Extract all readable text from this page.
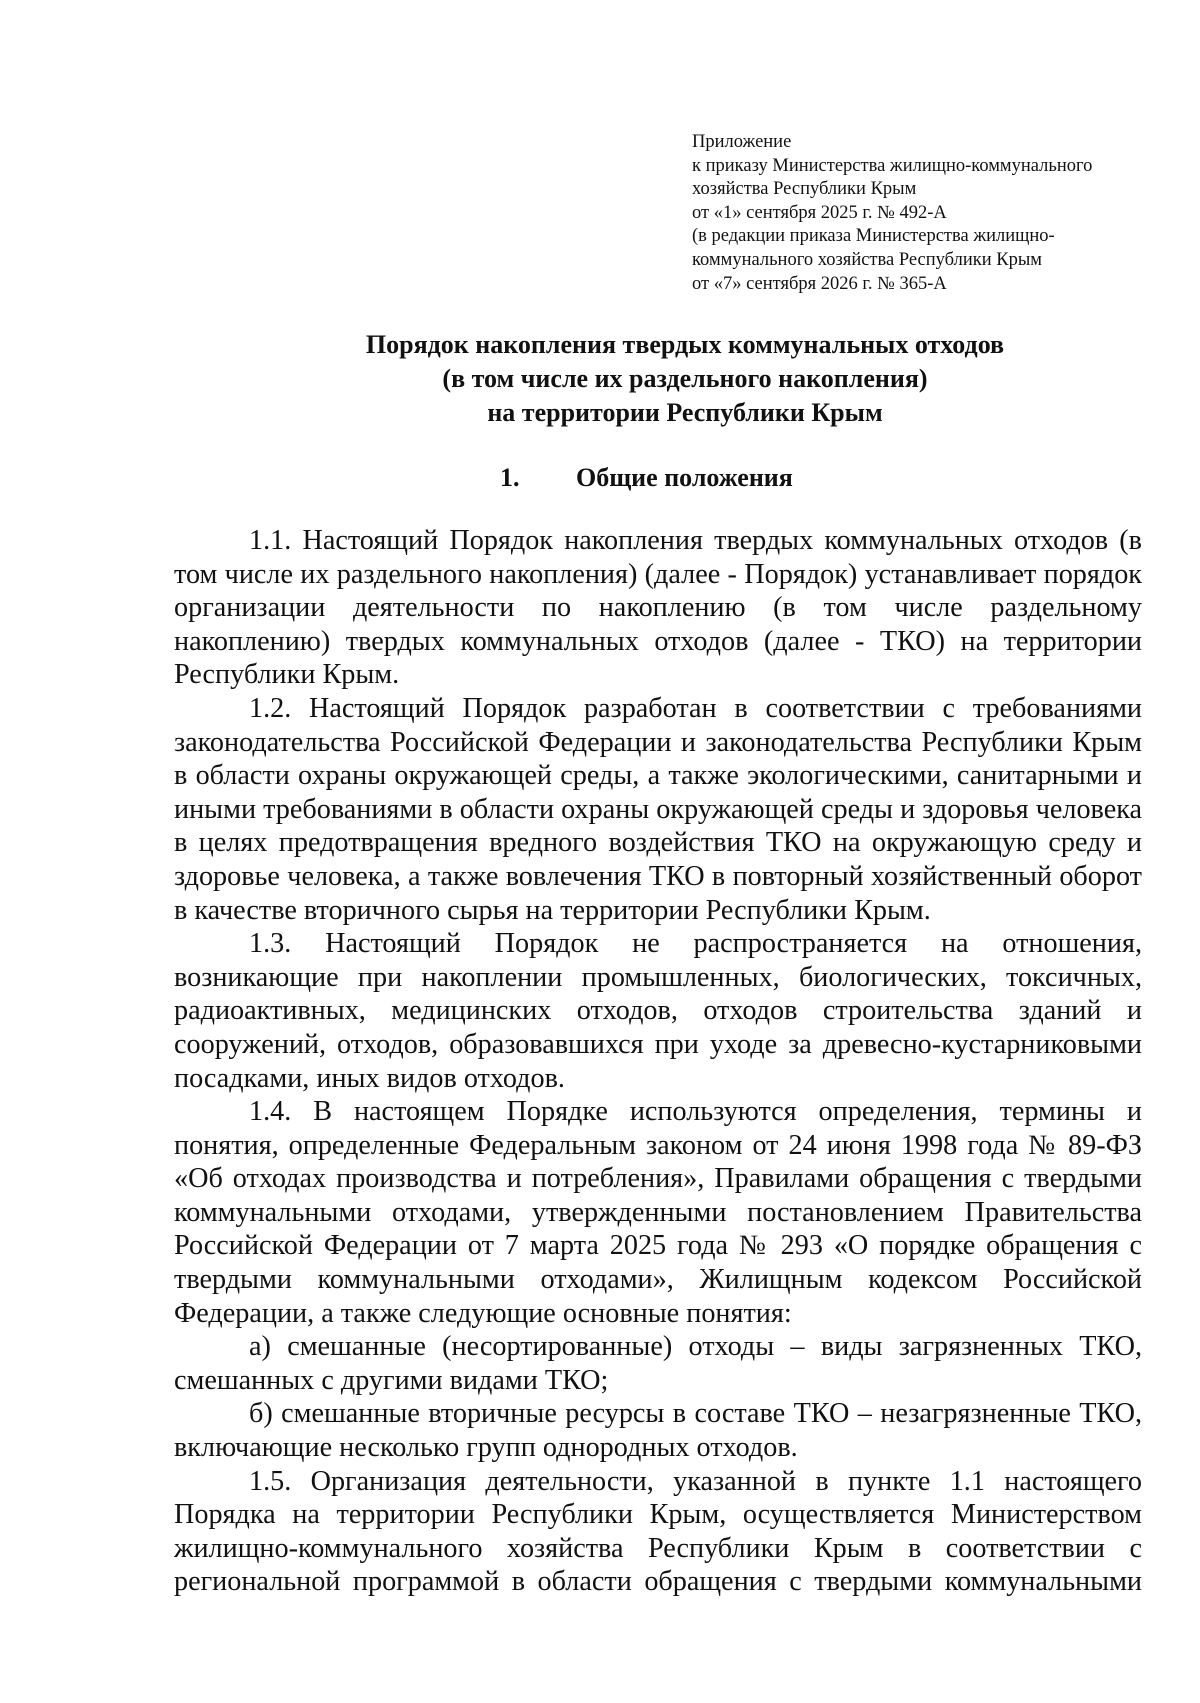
Приложение
к приказу Министерства жилищно-коммунального
хозяйства Республики Крым
от «1» сентября 2025 г. № 492-А
(в редакции приказа Министерства жилищно-
коммунального хозяйства Республики Крым
от «7» сентября 2026 г. № 365-А
Порядок накопления твердых коммунальных отходов
(в том числе их раздельного накопления)
на территории Республики Крым
1. Общие положения

1.1. Настоящий Порядок накопления твердых коммунальных отходов (в том числе их раздельного накопления) (далее - Порядок) устанавливает порядок организации деятельности по накоплению (в том числе раздельному накоплению) твердых коммунальных отходов (далее - ТКО) на территории Республики Крым.

1.2. Настоящий Порядок разработан в соответствии с требованиями законодательства Российской Федерации и законодательства Республики Крым в области охраны окружающей среды, а также экологическими, санитарными и иными требованиями в области охраны окружающей среды и здоровья человека в целях предотвращения вредного воздействия ТКО на окружающую среду и здоровье человека, а также вовлечения ТКО в повторный хозяйственный оборот в качестве вторичного сырья на территории Республики Крым.

1.3. Настоящий Порядок не распространяется на отношения, возникающие при накоплении промышленных, биологических, токсичных, радиоактивных, медицинских отходов, отходов строительства зданий и сооружений, отходов, образовавшихся при уходе за древесно-кустарниковыми посадками, иных видов отходов.

1.4. В настоящем Порядке используются определения, термины и понятия, определенные Федеральным законом от 24 июня 1998 года № 89-ФЗ «Об отходах производства и потребления», Правилами обращения с твердыми коммунальными отходами, утвержденными постановлением Правительства Российской Федерации от 7 марта 2025 года № 293 «О порядке обращения с твердыми коммунальными отходами», Жилищным кодексом Российской Федерации, а также следующие основные понятия:

а) смешанные (несортированные) отходы – виды загрязненных ТКО, смешанных с другими видами ТКО;

б) смешанные вторичные ресурсы в составе ТКО – незагрязненные ТКО, включающие несколько групп однородных отходов.

1.5. Организация деятельности, указанной в пункте 1.1 настоящего Порядка на территории Республики Крым, осуществляется Министерством жилищно-коммунального хозяйства Республики Крым в соответствии с региональной программой в области обращения с твердыми коммунальными
